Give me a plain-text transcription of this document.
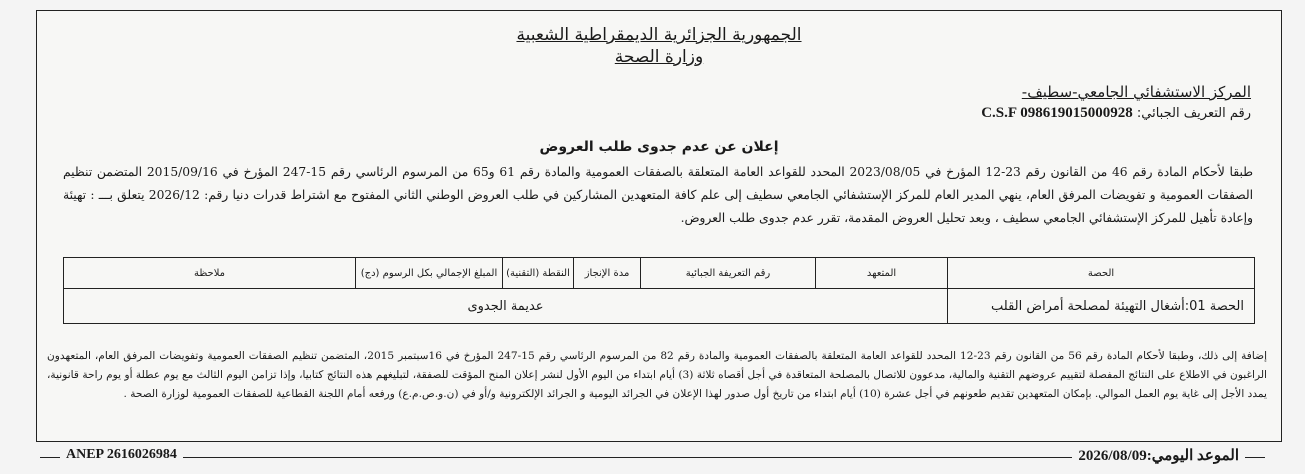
الجمهورية الجزائرية الديمقراطية الشعبية
وزارة الصحة
المركز الاستشفائي الجامعي-سطيف-
رقم التعريف الجبائي: C.S.F 098619015000928
إعلان عن عدم جدوى طلب العروض
طبقا لأحكام المادة رقم 46 من القانون رقم 23-12 المؤرخ في 2023/08/05 المحدد للقواعد العامة المتعلقة بالصفقات العمومية والمادة رقم 61 و65 من المرسوم الرئاسي رقم 15-247 المؤرخ في 2015/09/16 المتضمن تنظيم الصفقات العمومية و تفويضات المرفق العام، ينهي المدير العام للمركز الإستشفائي الجامعي سطيف إلى علم كافة المتعهدين المشاركين في طلب العروض الوطني الثاني المفتوح مع اشتراط قدرات دنيا رقم: 2026/12 يتعلق بـــ : تهيئة وإعادة تأهيل للمركز الإستشفائي الجامعي سطيف ، وبعد تحليل العروض المقدمة، تقرر عدم جدوى طلب العروض.
الحصة	المتعهد	رقم التعريفة الجبائية	مدة الإنجاز	النقطة (التقنية)	المبلغ الإجمالي بكل الرسوم (دج)	ملاحظة
الحصة 01:أشغال التهيئة لمصلحة أمراض القلب	عديمة الجدوى					
إضافة إلى ذلك، وطبقا لأحكام المادة رقم 56 من القانون رقم 23-12 المحدد للقواعد العامة المتعلقة بالصفقات العمومية والمادة رقم 82 من المرسوم الرئاسي رقم 15-247 المؤرخ في 16سبتمبر 2015، المتضمن تنظيم الصفقات العمومية وتفويضات المرفق العام، المتعهدون الراغبون في الاطلاع على النتائج المفصلة لتقييم عروضهم التقنية والمالية، مدعوون للاتصال بالمصلحة المتعاقدة في أجل أقصاه ثلاثة (3) أيام ابتداء من اليوم الأول لنشر إعلان المنح المؤقت للصفقة، لتبليغهم هذه النتائج كتابيا، وإذا تزامن اليوم الثالث مع يوم عطلة أو يوم راحة قانونية، يمدد الأجل إلى غاية يوم العمل الموالي. بإمكان المتعهدين تقديم طعونهم في أجل عشرة (10) أيام ابتداء من تاريخ أول صدور لهذا الإعلان في الجرائد اليومية و الجرائد الإلكترونية و/أو في (ن.و.ص.م.ع) ورفعه أمام اللجنة القطاعية للصفقات العمومية لوزارة الصحة .
ANEP 2616026984	الموعد اليومي:2026/08/09
